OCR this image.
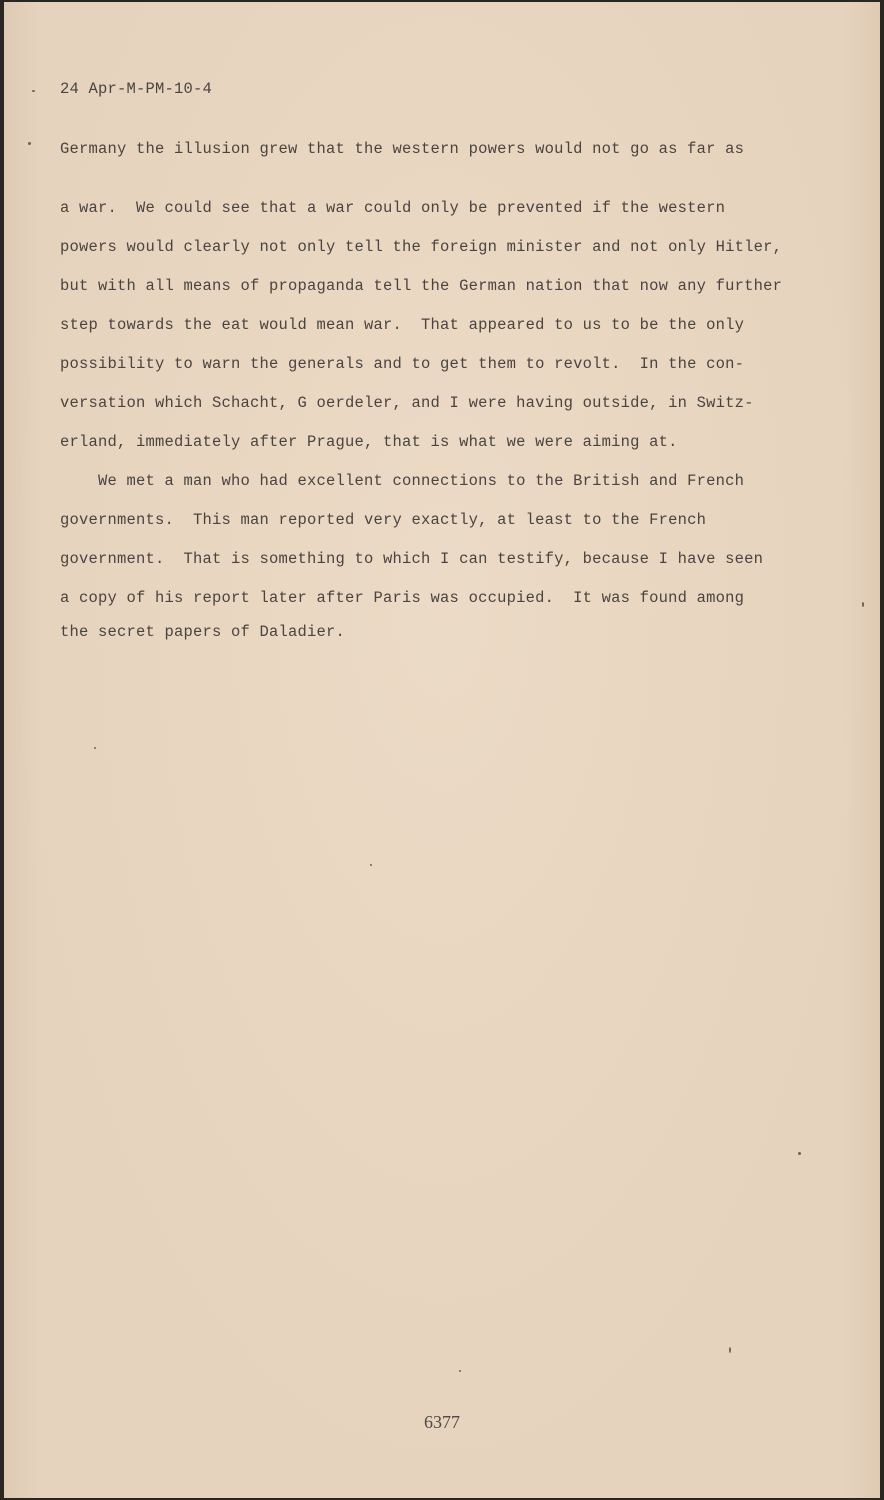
24 Apr-M-PM-10-4
Germany the illusion grew that the western powers would not go as far as
a war.  We could see that a war could only be prevented if the western
powers would clearly not only tell the foreign minister and not only Hitler,
but with all means of propaganda tell the German nation that now any further
step towards the eat would mean war.  That appeared to us to be the only
possibility to warn the generals and to get them to revolt.  In the con-
versation which Schacht, G oerdeler, and I were having outside, in Switz-
erland, immediately after Prague, that is what we were aiming at.
We met a man who had excellent connections to the British and French
governments.  This man reported very exactly, at least to the French
government.  That is something to which I can testify, because I have seen
a copy of his report later after Paris was occupied.  It was found among
the secret papers of Daladier.
6377
